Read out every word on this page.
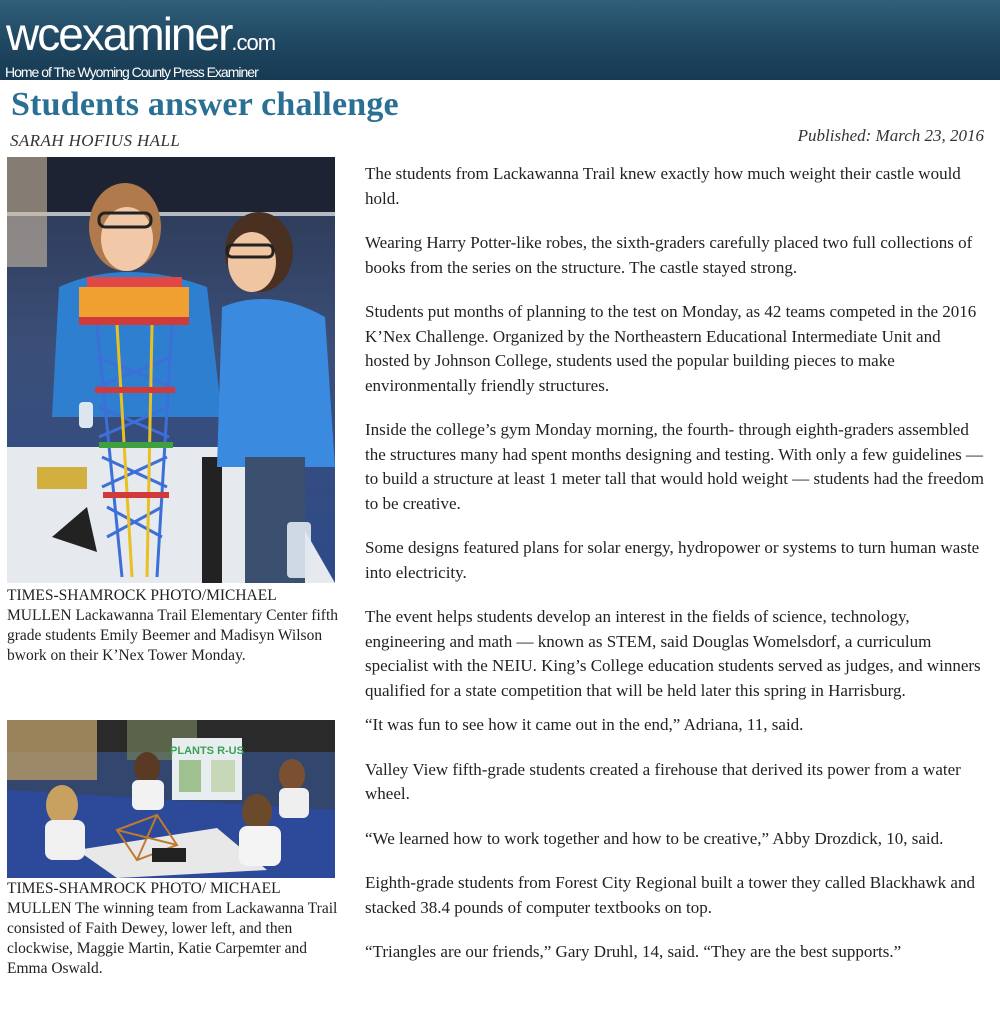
wcexaminer.com
Home of The Wyoming County Press Examiner
Students answer challenge
SARAH HOFIUS HALL	Published: March 23, 2016
TIMES-SHAMROCK PHOTO/MICHAEL MULLEN Lackawanna Trail Elementary Center fifth grade students Emily Beemer and Madisyn Wilson bwork on their K’Nex Tower Monday.
PLANTS R-US
TIMES-SHAMROCK PHOTO/ MICHAEL MULLEN The winning team from Lackawanna Trail consisted of Faith Dewey, lower left, and then clockwise, Maggie Martin, Katie Carpemter and Emma Oswald.

The students from Lackawanna Trail knew exactly how much weight their castle would hold.

Wearing Harry Potter-like robes, the sixth-graders carefully placed two full collections of books from the series on the structure. The castle stayed strong.

Students put months of planning to the test on Monday, as 42 teams competed in the 2016 K’Nex Challenge. Organized by the Northeastern Educational Intermediate Unit and hosted by Johnson College, students used the popular building pieces to make environmentally friendly structures.

Inside the college’s gym Monday morning, the fourth- through eighth-graders assembled the structures many had spent months designing and testing. With only a few guidelines — to build a structure at least 1 meter tall that would hold weight — students had the freedom to be creative.

Some designs featured plans for solar energy, hydropower or systems to turn human waste into electricity.

The event helps students develop an interest in the fields of science, technology, engineering and math — known as STEM, said Douglas Womelsdorf, a curriculum specialist with the NEIU. King’s College education students served as judges, and winners qualified for a state competition that will be held later this spring in Harrisburg.

“It was fun to see how it came out in the end,” Adriana, 11, said.

Valley View fifth-grade students created a firehouse that derived its power from a water wheel.

“We learned how to work together and how to be creative,” Abby Drozdick, 10, said.

Eighth-grade students from Forest City Regional built a tower they called Blackhawk and stacked 38.4 pounds of computer textbooks on top.

“Triangles are our friends,” Gary Druhl, 14, said. “They are the best supports.”
